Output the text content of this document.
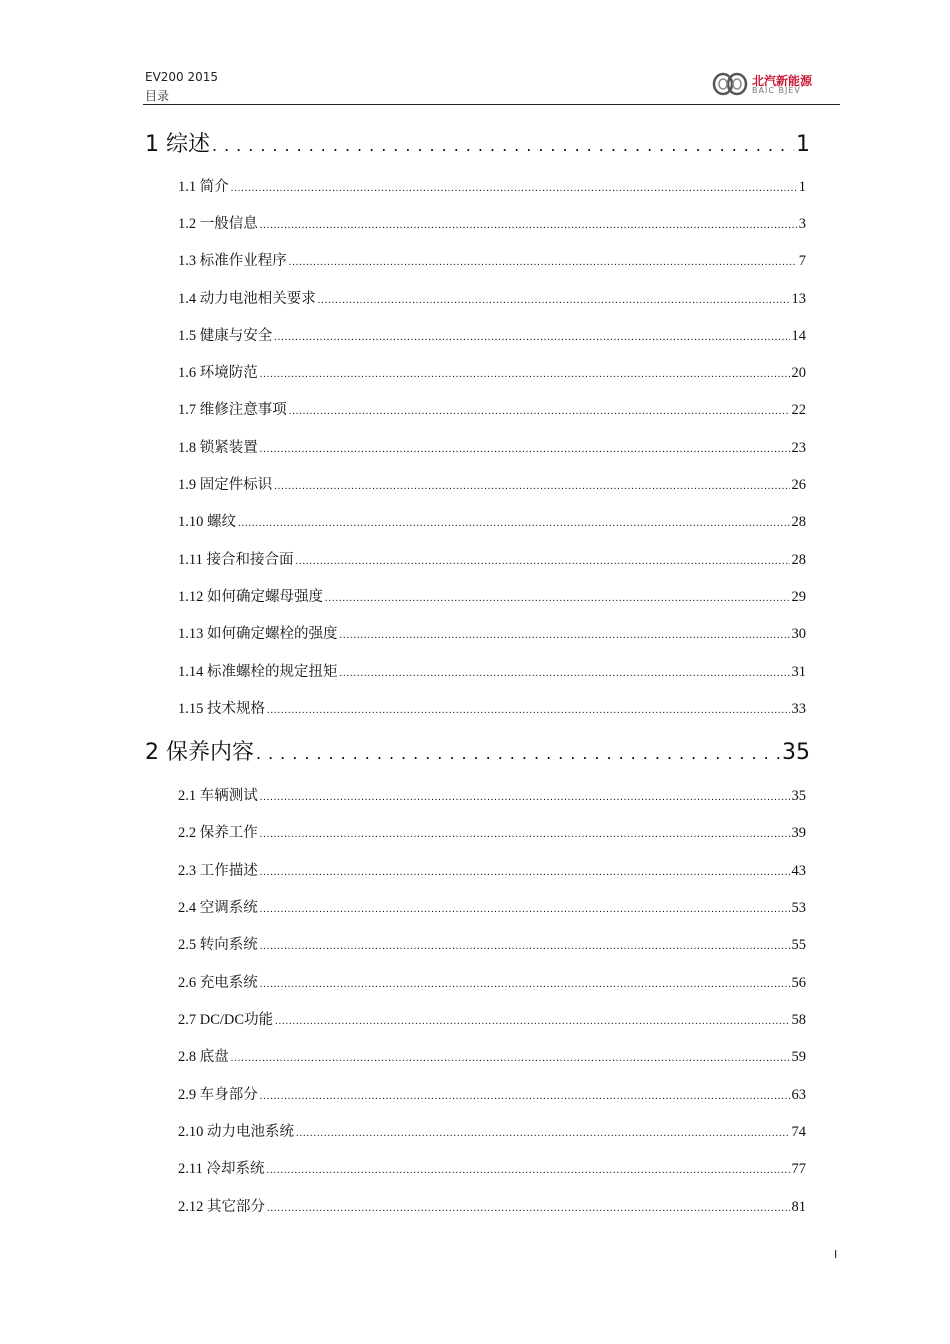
EV200 2015
目录
北汽新能源
BAIC BJEV
1 综述 .....	1
1.1 简介 .....	1
1.2 一般信息 .....	3
1.3 标准作业程序 .....	7
1.4 动力电池相关要求 .....	13
1.5 健康与安全 .....	14
1.6 环境防范 .....	20
1.7 维修注意事项 .....	22
1.8 锁紧装置 .....	23
1.9 固定件标识 .....	26
1.10 螺纹 .....	28
1.11 接合和接合面 .....	28
1.12 如何确定螺母强度 .....	29
1.13 如何确定螺栓的强度 .....	30
1.14 标准螺栓的规定扭矩 .....	31
1.15 技术规格 .....	33
2 保养内容 .....	35
2.1 车辆测试 .....	35
2.2 保养工作 .....	39
2.3 工作描述 .....	43
2.4 空调系统 .....	53
2.5 转向系统 .....	55
2.6 充电系统 .....	56
2.7 DC/DC功能 .....	58
2.8 底盘 .....	59
2.9 车身部分 .....	63
2.10 动力电池系统 .....	74
2.11 冷却系统 .....	77
2.12 其它部分 .....	81
I
